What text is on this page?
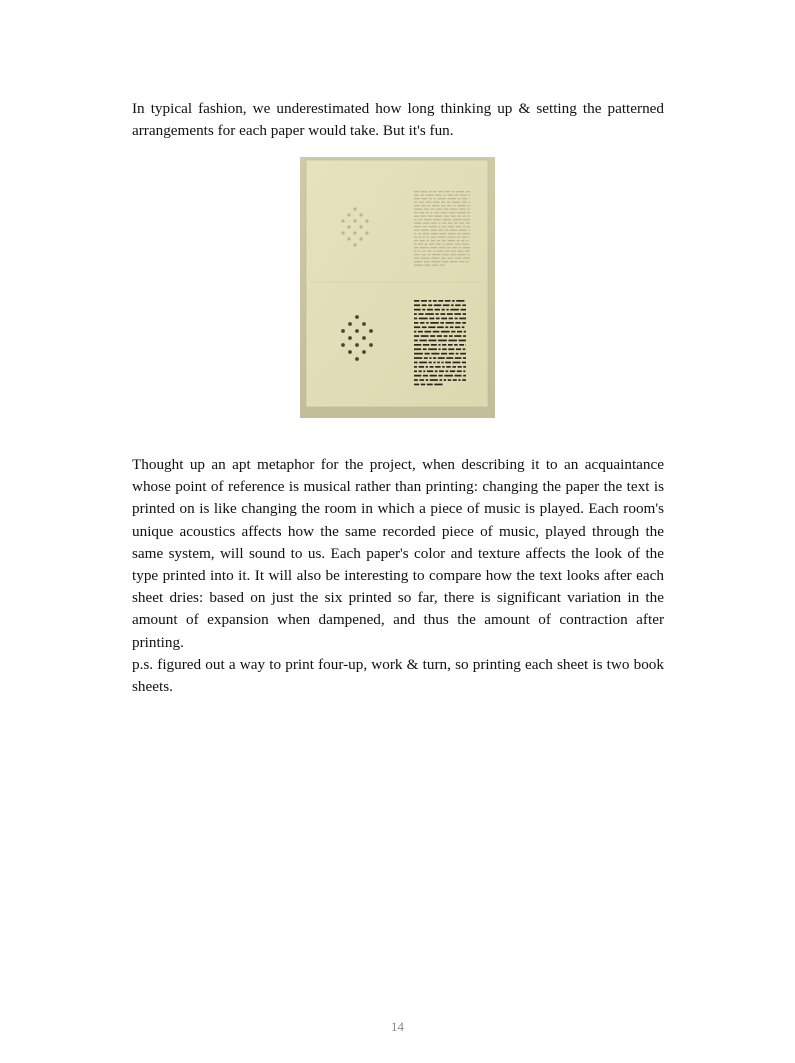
In typical fashion, we underestimated how long thinking up & setting the patterned arrangements for each paper would take. But it's fun.

Thought up an apt metaphor for the project, when describing it to an acquaintance whose point of reference is musical rather than printing: changing the paper the text is printed on is like changing the room in which a piece of music is played. Each room's unique acoustics affects how the same recorded piece of music, played through the same system, will sound to us. Each paper's color and texture affects the look of the type printed into it. It will also be interesting to compare how the text looks after each sheet dries: based on just the six printed so far, there is significant variation in the amount of expansion when dampened, and thus the amount of contraction after printing.

p.s. figured out a way to print four-up, work & turn, so printing each sheet is two book sheets.

14
